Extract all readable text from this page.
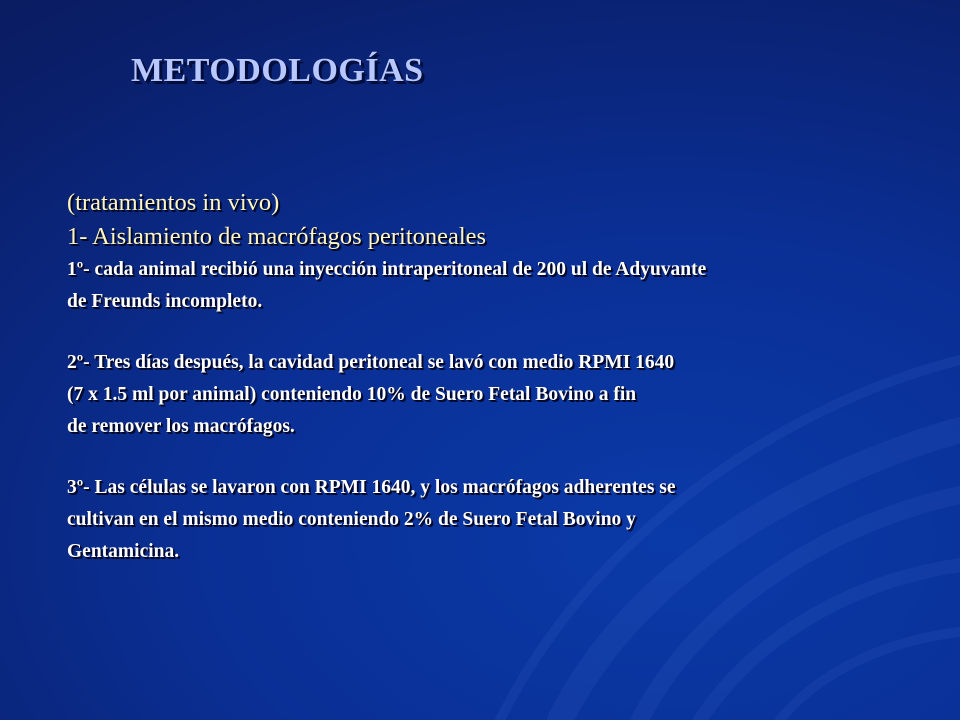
METODOLOGÍAS
(tratamientos in vivo)
1- Aislamiento de macrófagos peritoneales

1º- cada animal recibió una inyección intraperitoneal de 200 ul de Adyuvante
de Freunds incompleto.

2º- Tres días después, la cavidad peritoneal se lavó con medio RPMI 1640
(7 x 1.5 ml por animal) conteniendo 10% de Suero Fetal Bovino a fin
de remover los macrófagos.

3º- Las células se lavaron con RPMI 1640, y los macrófagos adherentes se
cultivan en el mismo medio conteniendo 2% de Suero Fetal Bovino y
Gentamicina.
